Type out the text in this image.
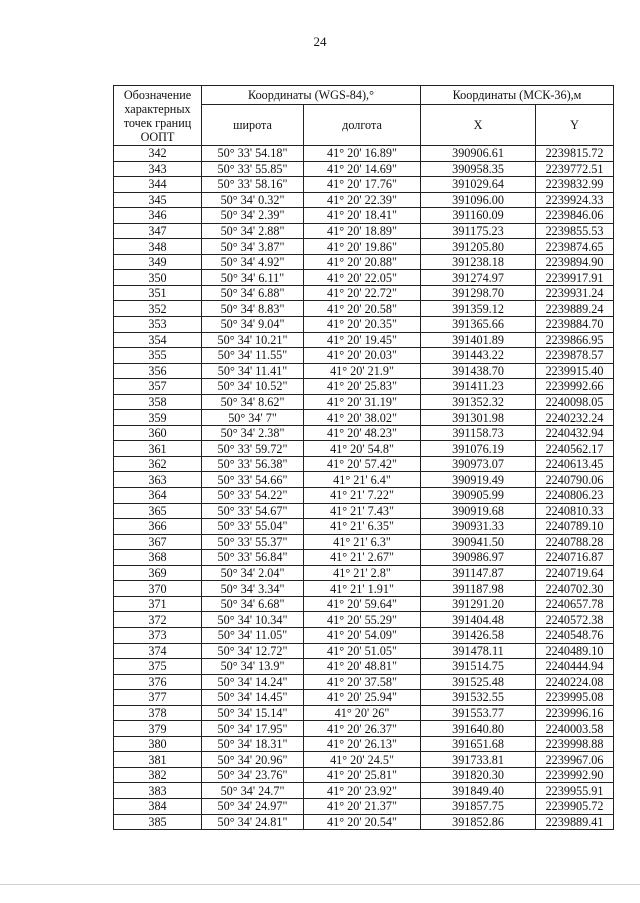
24
Обозначение характерных точек границ ООПТ	Координаты (WGS-84),°		Координаты (МСК-36),м	
	широта	долгота	X	Y
342	50° 33' 54.18"	41° 20' 16.89"	390906.61	2239815.72
343	50° 33' 55.85"	41° 20' 14.69"	390958.35	2239772.51
344	50° 33' 58.16"	41° 20' 17.76"	391029.64	2239832.99
345	50° 34' 0.32"	41° 20' 22.39"	391096.00	2239924.33
346	50° 34' 2.39"	41° 20' 18.41"	391160.09	2239846.06
347	50° 34' 2.88"	41° 20' 18.89"	391175.23	2239855.53
348	50° 34' 3.87"	41° 20' 19.86"	391205.80	2239874.65
349	50° 34' 4.92"	41° 20' 20.88"	391238.18	2239894.90
350	50° 34' 6.11"	41° 20' 22.05"	391274.97	2239917.91
351	50° 34' 6.88"	41° 20' 22.72"	391298.70	2239931.24
352	50° 34' 8.83"	41° 20' 20.58"	391359.12	2239889.24
353	50° 34' 9.04"	41° 20' 20.35"	391365.66	2239884.70
354	50° 34' 10.21"	41° 20' 19.45"	391401.89	2239866.95
355	50° 34' 11.55"	41° 20' 20.03"	391443.22	2239878.57
356	50° 34' 11.41"	41° 20' 21.9"	391438.70	2239915.40
357	50° 34' 10.52"	41° 20' 25.83"	391411.23	2239992.66
358	50° 34' 8.62"	41° 20' 31.19"	391352.32	2240098.05
359	50° 34' 7"	41° 20' 38.02"	391301.98	2240232.24
360	50° 34' 2.38"	41° 20' 48.23"	391158.73	2240432.94
361	50° 33' 59.72"	41° 20' 54.8"	391076.19	2240562.17
362	50° 33' 56.38"	41° 20' 57.42"	390973.07	2240613.45
363	50° 33' 54.66"	41° 21' 6.4"	390919.49	2240790.06
364	50° 33' 54.22"	41° 21' 7.22"	390905.99	2240806.23
365	50° 33' 54.67"	41° 21' 7.43"	390919.68	2240810.33
366	50° 33' 55.04"	41° 21' 6.35"	390931.33	2240789.10
367	50° 33' 55.37"	41° 21' 6.3"	390941.50	2240788.28
368	50° 33' 56.84"	41° 21' 2.67"	390986.97	2240716.87
369	50° 34' 2.04"	41° 21' 2.8"	391147.87	2240719.64
370	50° 34' 3.34"	41° 21' 1.91"	391187.98	2240702.30
371	50° 34' 6.68"	41° 20' 59.64"	391291.20	2240657.78
372	50° 34' 10.34"	41° 20' 55.29"	391404.48	2240572.38
373	50° 34' 11.05"	41° 20' 54.09"	391426.58	2240548.76
374	50° 34' 12.72"	41° 20' 51.05"	391478.11	2240489.10
375	50° 34' 13.9"	41° 20' 48.81"	391514.75	2240444.94
376	50° 34' 14.24"	41° 20' 37.58"	391525.48	2240224.08
377	50° 34' 14.45"	41° 20' 25.94"	391532.55	2239995.08
378	50° 34' 15.14"	41° 20' 26"	391553.77	2239996.16
379	50° 34' 17.95"	41° 20' 26.37"	391640.80	2240003.58
380	50° 34' 18.31"	41° 20' 26.13"	391651.68	2239998.88
381	50° 34' 20.96"	41° 20' 24.5"	391733.81	2239967.06
382	50° 34' 23.76"	41° 20' 25.81"	391820.30	2239992.90
383	50° 34' 24.7"	41° 20' 23.92"	391849.40	2239955.91
384	50° 34' 24.97"	41° 20' 21.37"	391857.75	2239905.72
385	50° 34' 24.81"	41° 20' 20.54"	391852.86	2239889.41
